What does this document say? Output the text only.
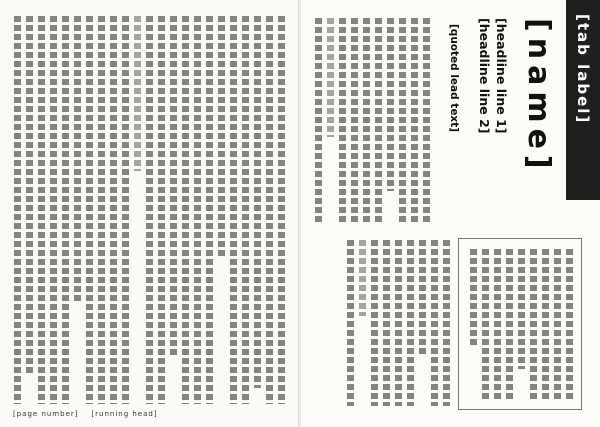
[page number] [running head]
[tab label]
[name]
[headline line 1]
[headline line 2]
[quoted lead text]
